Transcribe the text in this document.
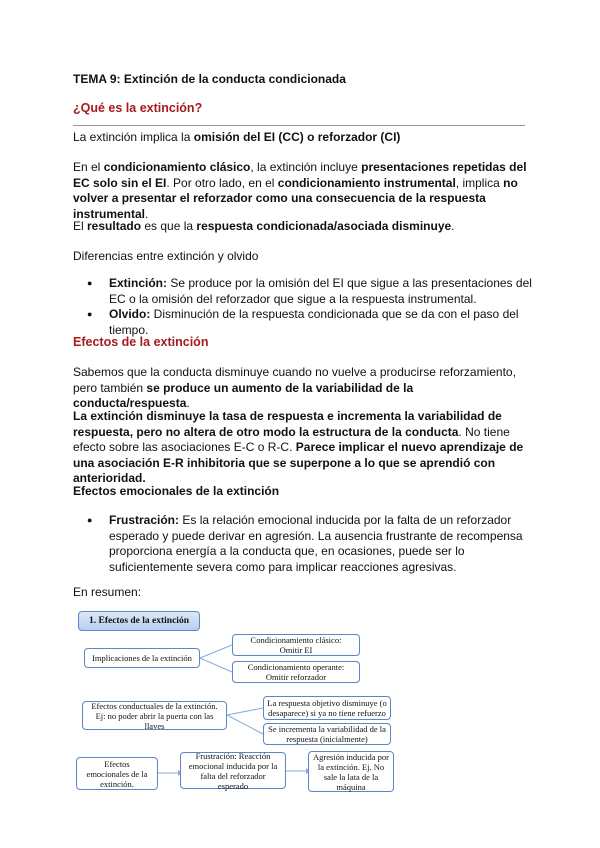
TEMA 9: Extinción de la conducta condicionada
¿Qué es la extinción?
La extinción implica la omisión del EI (CC) o reforzador (CI)
En el condicionamiento clásico, la extinción incluye presentaciones repetidas del EC solo sin el EI. Por otro lado, en el condicionamiento instrumental, implica no volver a presentar el reforzador como una consecuencia de la respuesta instrumental.
El resultado es que la respuesta condicionada/asociada disminuye.
Diferencias entre extinción y olvido
● Extinción: Se produce por la omisión del EI que sigue a las presentaciones del EC o la omisión del reforzador que sigue a la respuesta instrumental.
● Olvido: Disminución de la respuesta condicionada que se da con el paso del tiempo.
Efectos de la extinción
Sabemos que la conducta disminuye cuando no vuelve a producirse reforzamiento, pero también se produce un aumento de la variabilidad de la conducta/respuesta.
La extinción disminuye la tasa de respuesta e incrementa la variabilidad de respuesta, pero no altera de otro modo la estructura de la conducta. No tiene efecto sobre las asociaciones E-C o R-C. Parece implicar el nuevo aprendizaje de una asociación E-R inhibitoria que se superpone a lo que se aprendió con anterioridad.
Efectos emocionales de la extinción
● Frustración: Es la relación emocional inducida por la falta de un reforzador esperado y puede derivar en agresión. La ausencia frustrante de recompensa proporciona energía a la conducta que, en ocasiones, puede ser lo suficientemente severa como para implicar reacciones agresivas.
En resumen:
1. Efectos de la extinción
Implicaciones de la extinción
Condicionamiento clásico:
Omitir EI
Condicionamiento operante:
Omitir reforzador
Efectos conductuales de la extinción. Ej: no poder abrir la puerta con las llaves
La respuesta objetivo disminuye (o desaparece) si ya no tiene refuerzo
Se incrementa la variabilidad de la respuesta (inicialmente)
Efectos emocionales de la extinción.
Frustración: Reacción emocional inducida por la falta del reforzador esperado
Agresión inducida por la extinción. Ej. No sale la lata de la máquina
